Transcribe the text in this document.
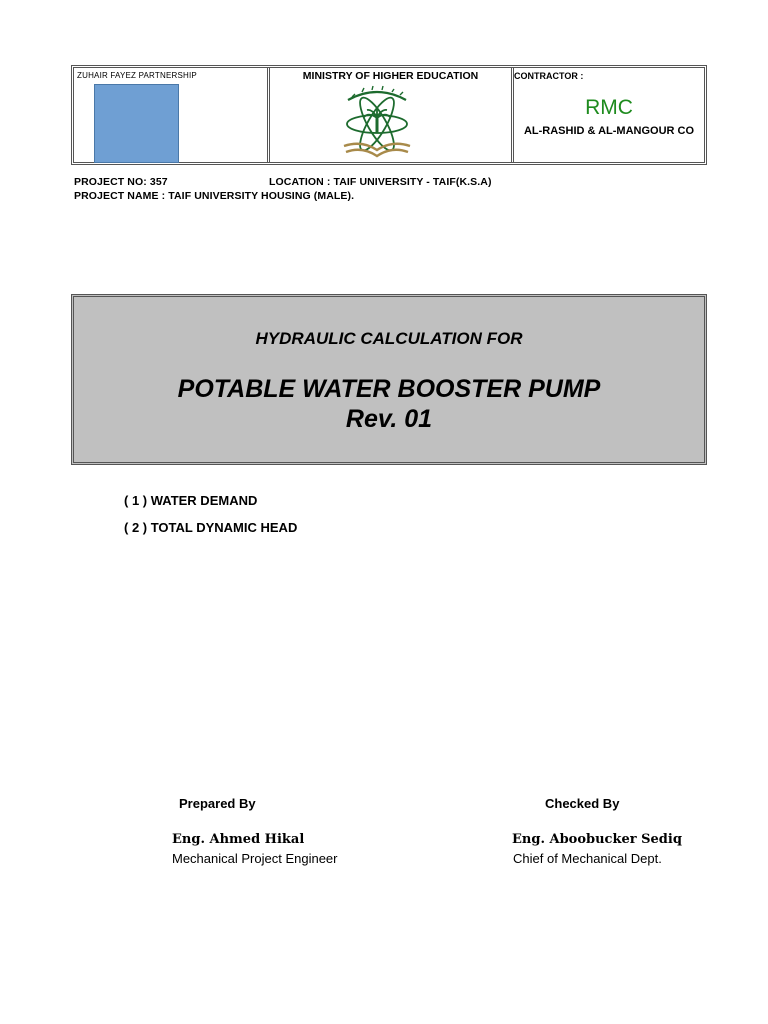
ZUHAIR FAYEZ PARTNERSHIP	MINISTRY OF HIGHER EDUCATION	CONTRACTOR :
RMC
AL-RASHID & AL-MANGOUR CO
PROJECT NO: 357	LOCATION : TAIF UNIVERSITY - TAIF(K.S.A)
PROJECT NAME : TAIF UNIVERSITY HOUSING (MALE).
HYDRAULIC CALCULATION FOR
POTABLE WATER BOOSTER PUMP
Rev. 01
( 1 ) WATER DEMAND
( 2 ) TOTAL DYNAMIC HEAD
Prepared By
Eng. Ahmed Hikal
Mechanical Project Engineer
Checked By
Eng. Aboobucker Sediq
Chief of Mechanical Dept.
